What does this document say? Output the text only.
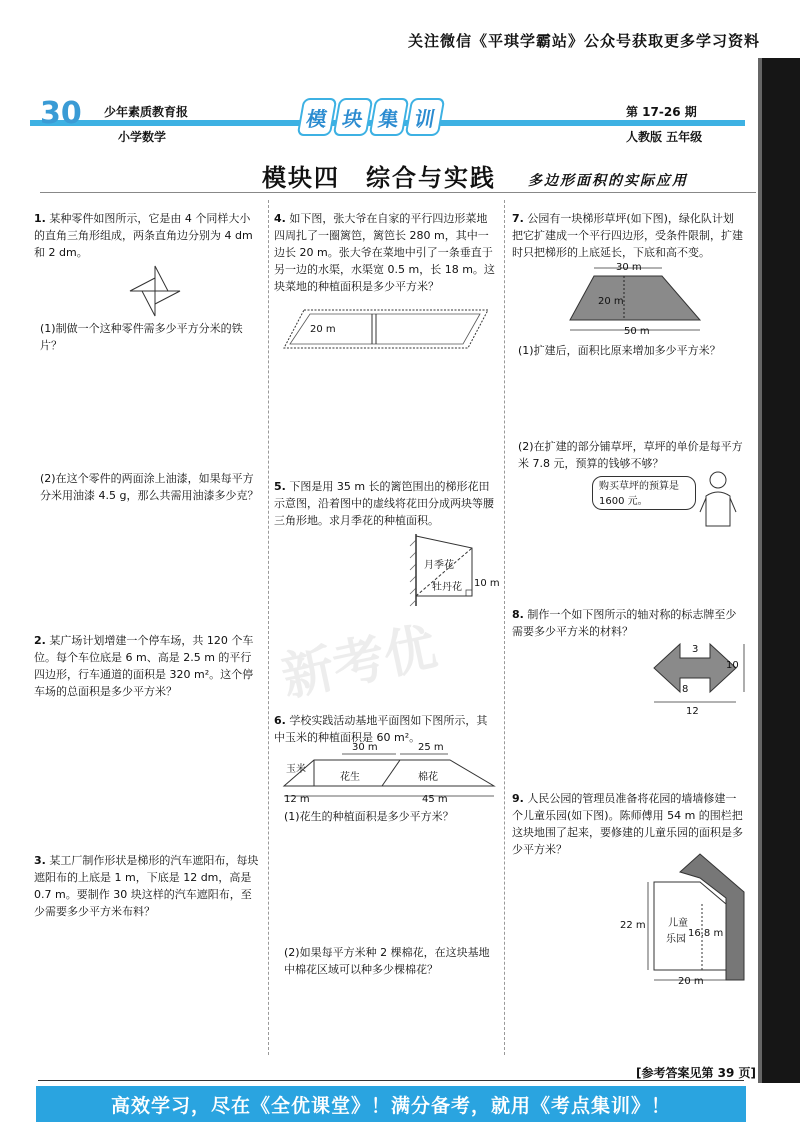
关注微信《平琪学霸站》公众号获取更多学习资料
30 少年素质教育报
小学数学
模 块 集 训	第 17-26 期
人教版 五年级
模块四　综合与实践 多边形面积的实际应用
新考优
1. 某种零件如图所示，它是由 4 个同样大小的直角三角形组成，两条直角边分别为 4 dm 和 2 dm。
(1)制做一个这种零件需多少平方分米的铁片？
(2)在这个零件的两面涂上油漆，如果每平方分米用油漆 4.5 g，那么共需用油漆多少克？
2. 某广场计划增建一个停车场，共 120 个车位。每个车位底是 6 m、高是 2.5 m 的平行四边形，行车通道的面积是 320 m²。这个停车场的总面积是多少平方米？
3. 某工厂制作形状是梯形的汽车遮阳布，每块遮阳布的上底是 1 m，下底是 12 dm，高是 0.7 m。要制作 30 块这样的汽车遮阳布，至少需要多少平方米布料？
4. 如下图，张大爷在自家的平行四边形菜地四周扎了一圈篱笆，篱笆长 280 m，其中一边长 20 m。张大爷在菜地中引了一条垂直于另一边的水渠，水渠宽 0.5 m，长 18 m。这块菜地的种植面积是多少平方米？
20 m
5. 下图是用 35 m 长的篱笆围出的梯形花田示意图，沿着图中的虚线将花田分成两块等腰三角形地。求月季花的种植面积。
月季花
牡丹花 10 m
6. 学校实践活动基地平面图如下图所示，其中玉米的种植面积是 60 m²。
30 m	25 m
玉米
花生	棉花
12 m	45 m
(1)花生的种植面积是多少平方米？
(2)如果每平方米种 2 棵棉花，在这块基地中棉花区域可以种多少棵棉花？
7. 公园有一块梯形草坪(如下图)，绿化队计划把它扩建成一个平行四边形，受条件限制，扩建时只把梯形的上底延长，下底和高不变。
30 m
20 m
50 m
(1)扩建后，面积比原来增加多少平方米？
(2)在扩建的部分铺草坪，草坪的单价是每平方米 7.8 元，预算的钱够不够？
购买草坪的预算是 1600 元。
8. 制作一个如下图所示的轴对称的标志牌至少需要多少平方米的材料？
3
10
8
12
9. 人民公园的管理员准备将花园的墙墙修建一个儿童乐园(如下图)。陈师傅用 54 m 的围栏把这块地围了起来，要修建的儿童乐园的面积是多少平方米？
22 m 儿童
乐园
16.8 m
20 m
[参考答案见第 39 页]
高效学习，尽在《全优课堂》！满分备考，就用《考点集训》！
